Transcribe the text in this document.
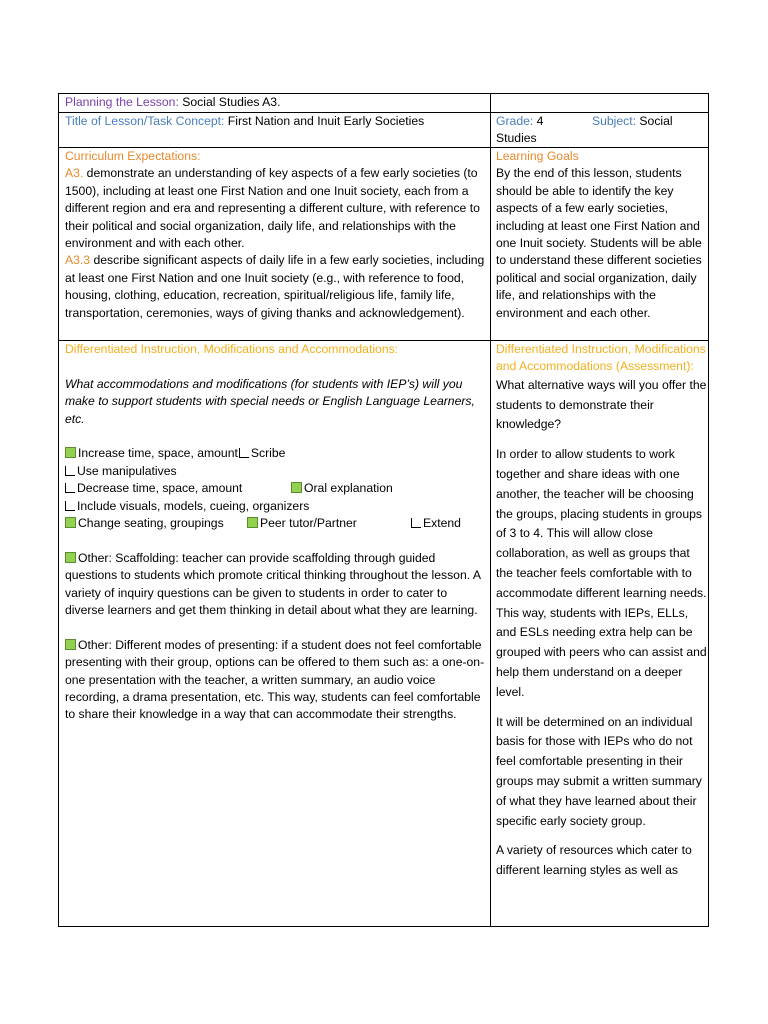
Planning the Lesson: Social Studies A3.
Title of Lesson/Task Concept: First Nation and Inuit Early Societies	Grade: 4	Subject: Social
Studies

Curriculum Expectations:

A3. demonstrate an understanding of key aspects of a few early societies (to 1500), including at least one First Nation and one Inuit society, each from a different region and era and representing a different culture, with reference to their political and social organization, daily life, and relationships with the environment and with each other.

A3.3 describe significant aspects of daily life in a few early societies, including at least one First Nation and one Inuit society (e.g., with reference to food, housing, clothing, education, recreation, spiritual/religious life, family life, transportation, ceremonies, ways of giving thanks and acknowledgement).

Learning Goals

By the end of this lesson, students should be able to identify the key aspects of a few early societies, including at least one First Nation and one Inuit society. Students will be able to understand these different societies political and social organization, daily life, and relationships with the environment and each other.

Differentiated Instruction, Modifications and Accommodations:

What accommodations and modifications (for students with IEP’s) will you make to support students with special needs or English Language Learners, etc.

Increase time, space, amount Scribe
Use manipulatives
Decrease time, space, amount	Oral explanation
Include visuals, models, cueing, organizers
Change seating, groupings	Peer tutor/Partner	Extend

Other: Scaffolding: teacher can provide scaffolding through guided questions to students which promote critical thinking throughout the lesson. A variety of inquiry questions can be given to students in order to cater to diverse learners and get them thinking in detail about what they are learning.

Other: Different modes of presenting: if a student does not feel comfortable presenting with their group, options can be offered to them such as: a one-on-one presentation with the teacher, a written summary, an audio voice recording, a drama presentation, etc. This way, students can feel comfortable to share their knowledge in a way that can accommodate their strengths.

Differentiated Instruction, Modifications and Accommodations (Assessment):

What alternative ways will you offer the students to demonstrate their knowledge?

In order to allow students to work together and share ideas with one another, the teacher will be choosing the groups, placing students in groups of 3 to 4. This will allow close collaboration, as well as groups that the teacher feels comfortable with to accommodate different learning needs. This way, students with IEPs, ELLs, and ESLs needing extra help can be grouped with peers who can assist and help them understand on a deeper level.

It will be determined on an individual basis for those with IEPs who do not feel comfortable presenting in their groups may submit a written summary of what they have learned about their specific early society group.

A variety of resources which cater to different learning styles as well as
